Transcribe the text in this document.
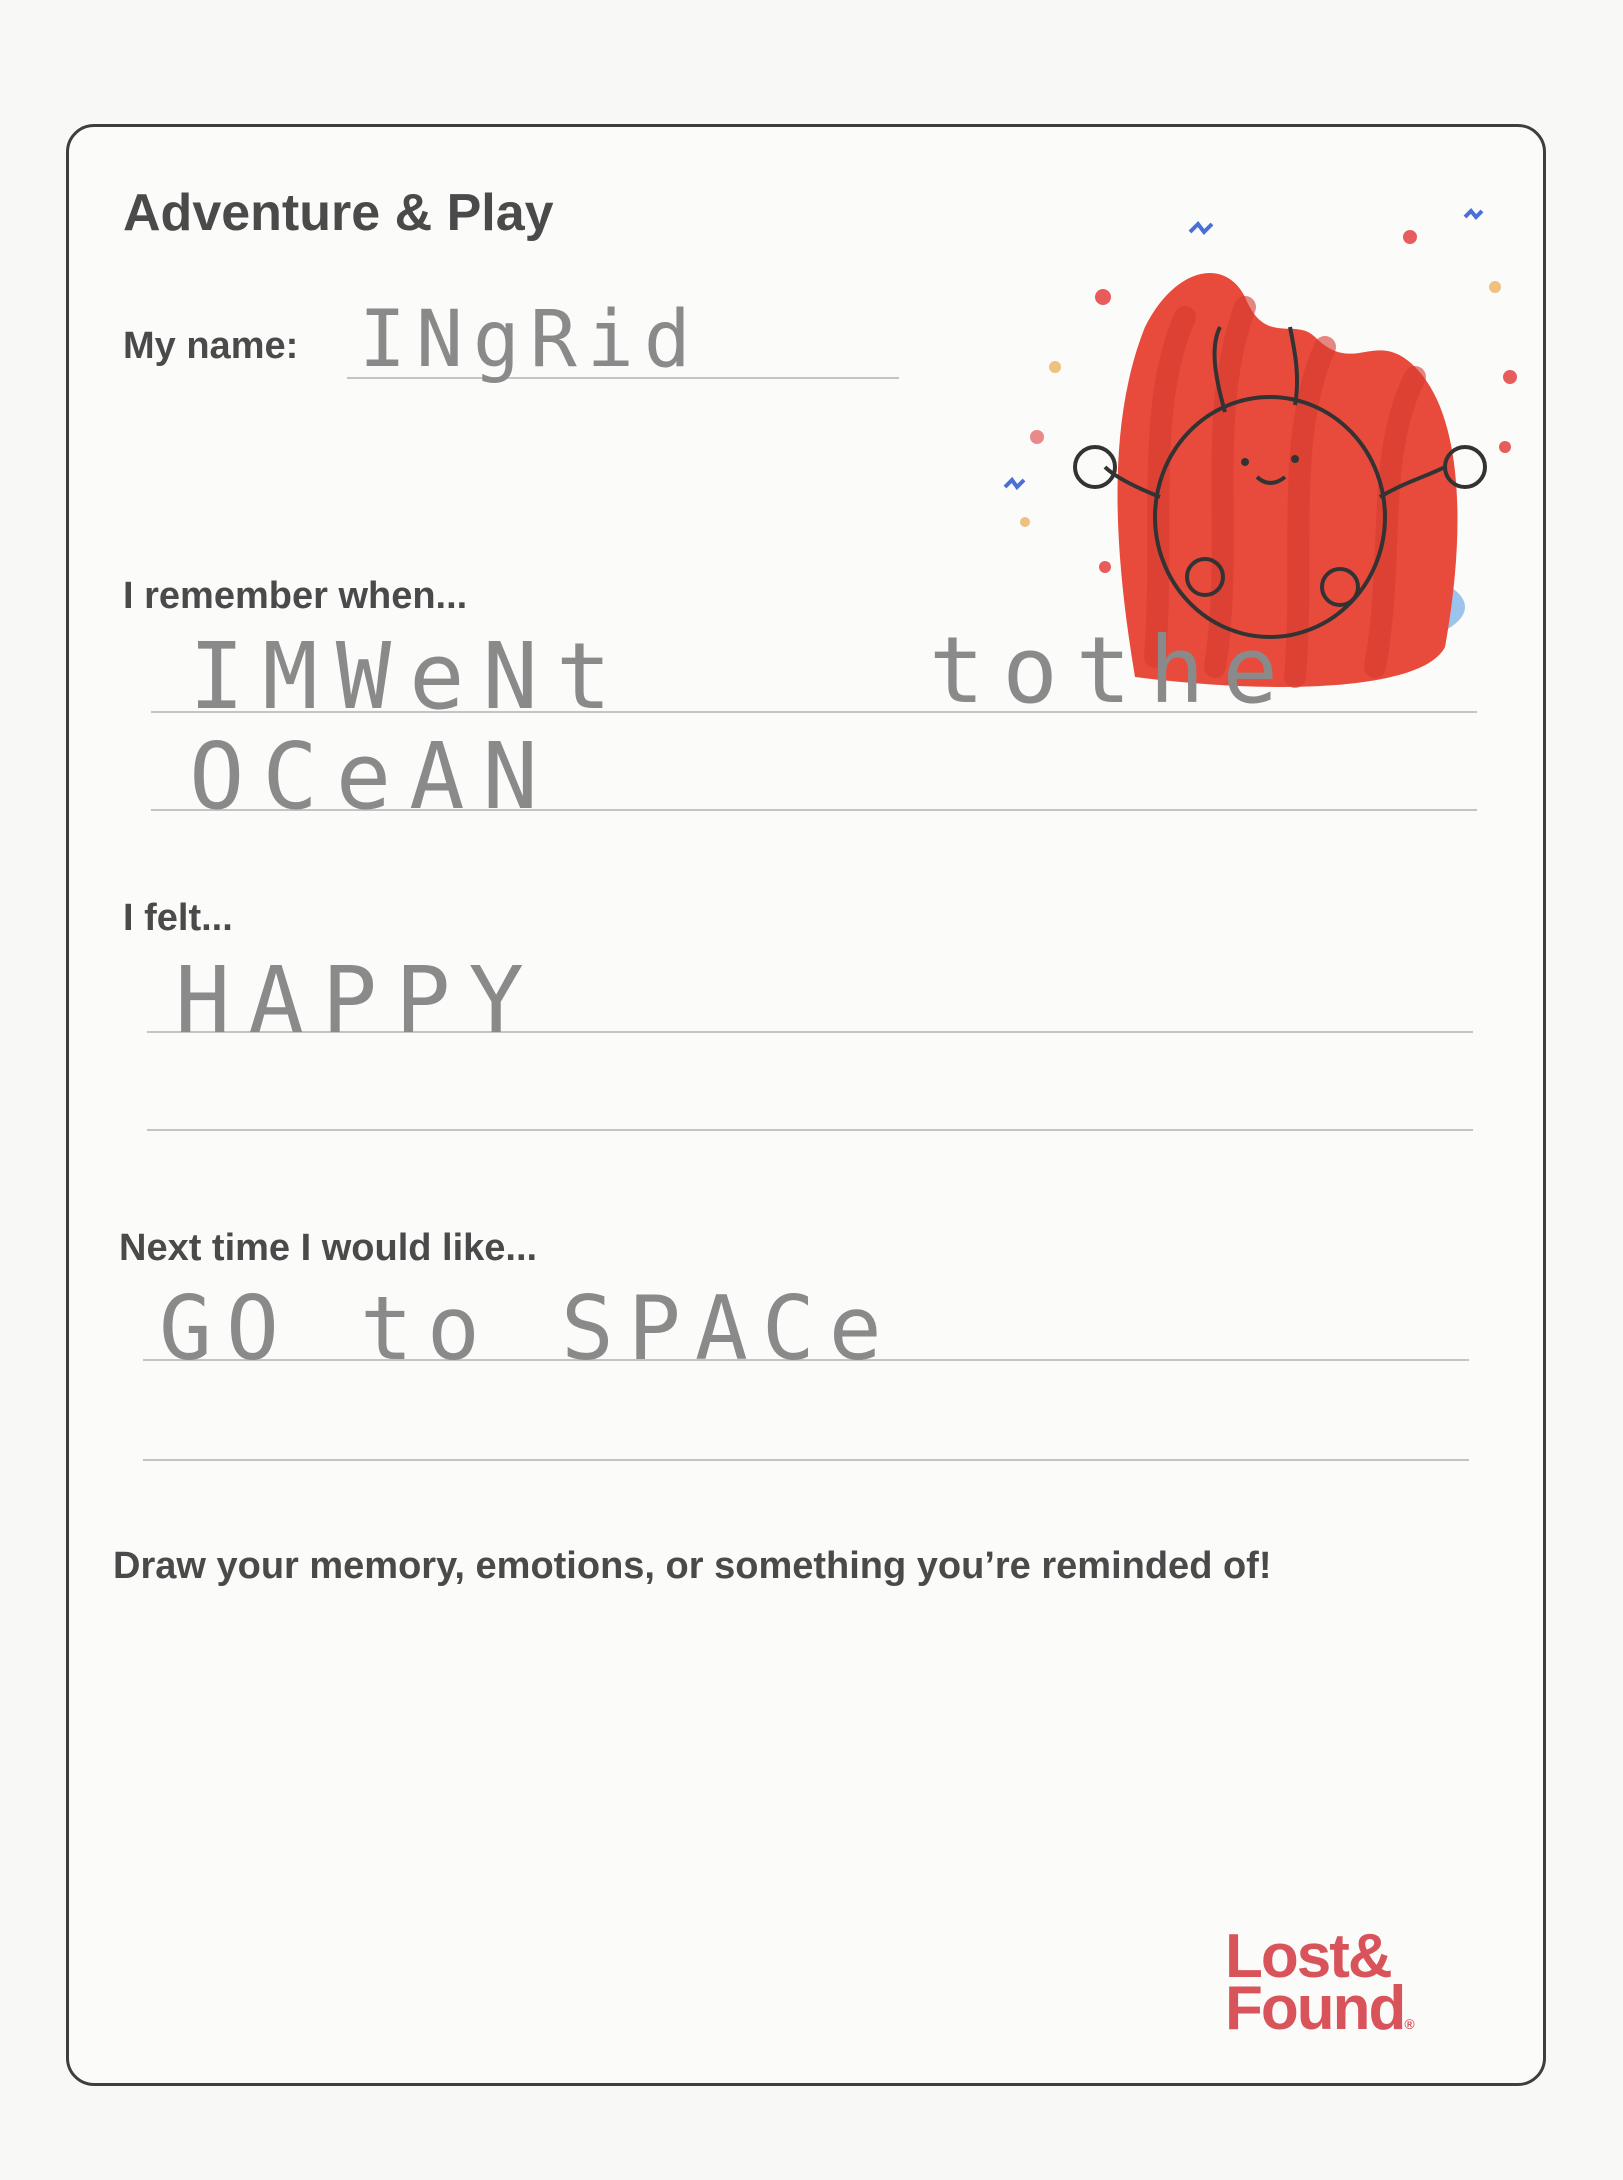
Adventure & Play
My name: INgRid
I remember when...
IMWeNt	tothe
OCeAN
I felt...
HAPPY
Next time I would like...
GO to SPACe
Draw your memory, emotions, or something you’re reminded of!
Lost&
Found®
